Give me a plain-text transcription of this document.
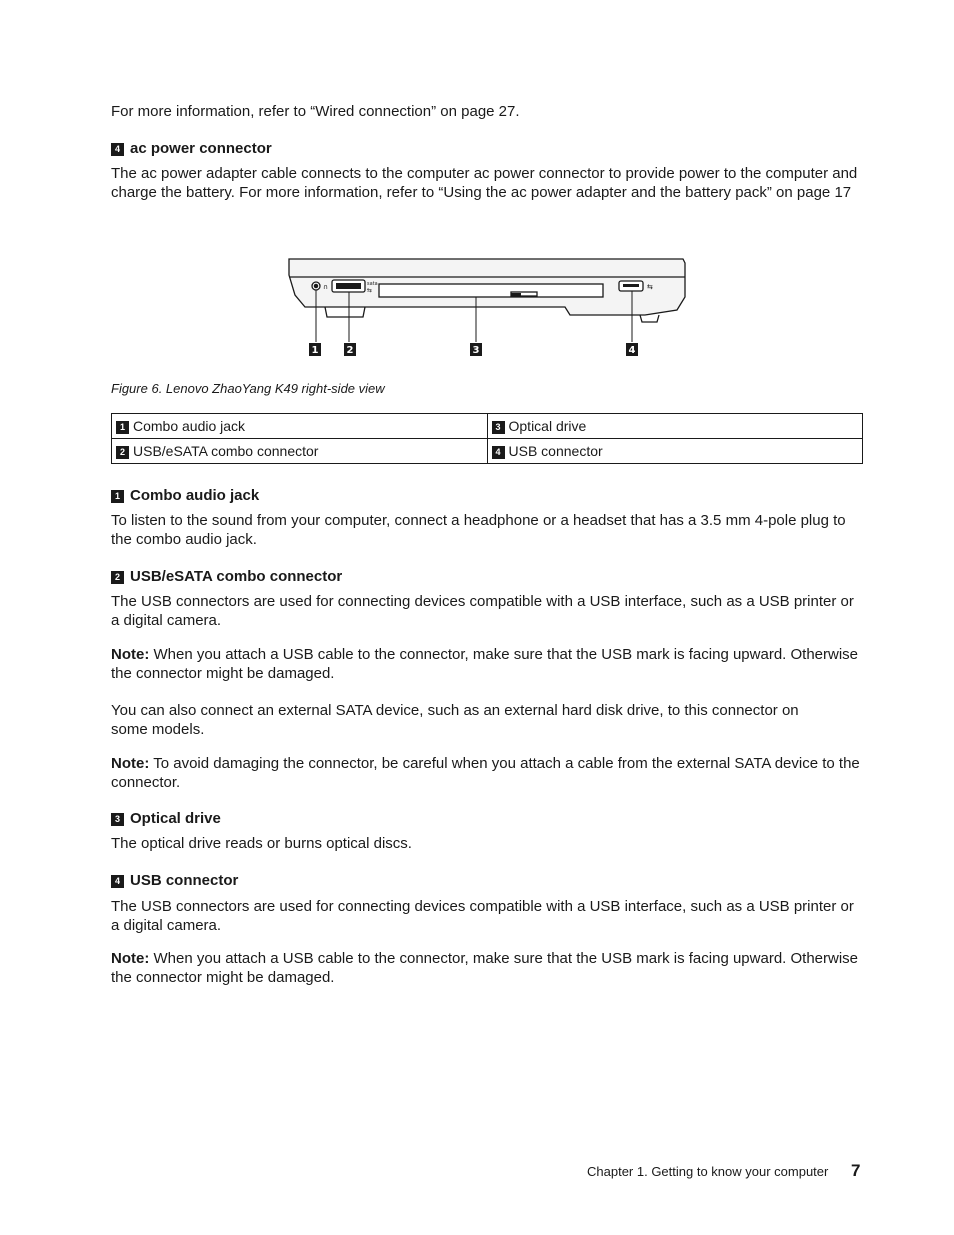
For more information, refer to “Wired connection” on page 27.

4 ac power connector

The ac power adapter cable connects to the computer ac power connector to provide power to the computer and charge the battery. For more information, refer to “Using the ac power adapter and the battery pack” on page 17

∩	sata
⇆	⇆
1	2	3	4

Figure 6. Lenovo ZhaoYang K49 right-side view

1 Combo audio jack	3 Optical drive
2 USB/eSATA combo connector	4 USB connector

1 Combo audio jack

To listen to the sound from your computer, connect a headphone or a headset that has a 3.5 mm 4-pole plug to the combo audio jack.

2 USB/eSATA combo connector

The USB connectors are used for connecting devices compatible with a USB interface, such as a USB printer or a digital camera.

Note: When you attach a USB cable to the connector, make sure that the USB mark is facing upward. Otherwise the connector might be damaged.

You can also connect an external SATA device, such as an external hard disk drive, to this connector on some models.

Note: To avoid damaging the connector, be careful when you attach a cable from the external SATA device to the connector.

3 Optical drive

The optical drive reads or burns optical discs.

4 USB connector

The USB connectors are used for connecting devices compatible with a USB interface, such as a USB printer or a digital camera.

Note: When you attach a USB cable to the connector, make sure that the USB mark is facing upward. Otherwise the connector might be damaged.

Chapter 1. Getting to know your computer 7
